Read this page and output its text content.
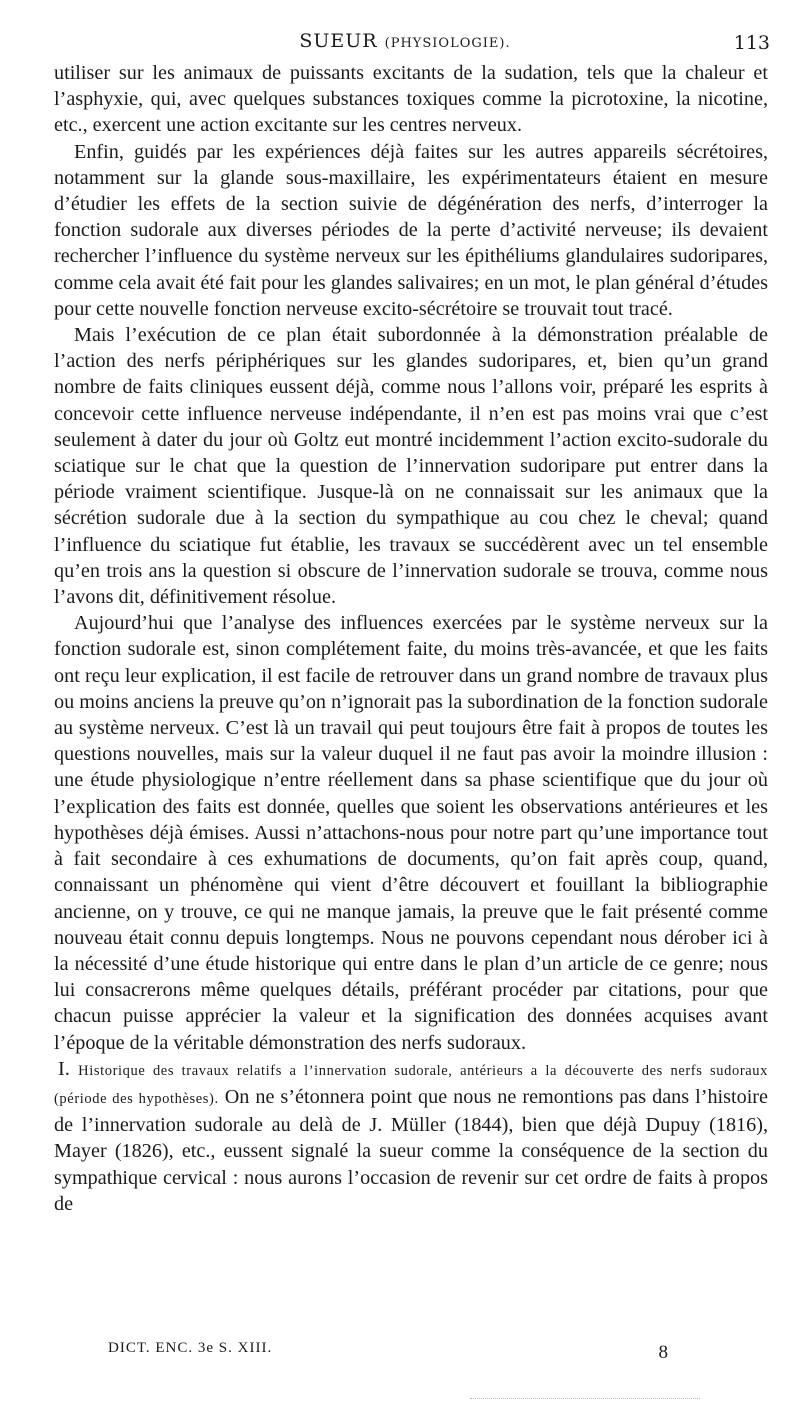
SUEUR (PHYSIOLOGIE).	113

utiliser sur les animaux de puissants excitants de la sudation, tels que la chaleur et l’asphyxie, qui, avec quelques substances toxiques comme la picrotoxine, la nicotine, etc., exercent une action excitante sur les centres nerveux.

Enfin, guidés par les expériences déjà faites sur les autres appareils sécrétoires, notamment sur la glande sous-maxillaire, les expérimentateurs étaient en mesure d’étudier les effets de la section suivie de dégénération des nerfs, d’interroger la fonction sudorale aux diverses périodes de la perte d’activité nerveuse; ils devaient rechercher l’influence du système nerveux sur les épithéliums glandulaires sudoripares, comme cela avait été fait pour les glandes salivaires; en un mot, le plan général d’études pour cette nouvelle fonction nerveuse excito-sécrétoire se trouvait tout tracé.

Mais l’exécution de ce plan était subordonnée à la démonstration préalable de l’action des nerfs périphériques sur les glandes sudoripares, et, bien qu’un grand nombre de faits cliniques eussent déjà, comme nous l’allons voir, préparé les esprits à concevoir cette influence nerveuse indépendante, il n’en est pas moins vrai que c’est seulement à dater du jour où Goltz eut montré incidemment l’action excito-sudorale du sciatique sur le chat que la question de l’innervation sudoripare put entrer dans la période vraiment scientifique. Jusque-là on ne connaissait sur les animaux que la sécrétion sudorale due à la section du sympathique au cou chez le cheval; quand l’influence du sciatique fut établie, les travaux se succédèrent avec un tel ensemble qu’en trois ans la question si obscure de l’innervation sudorale se trouva, comme nous l’avons dit, définitivement résolue.

Aujourd’hui que l’analyse des influences exercées par le système nerveux sur la fonction sudorale est, sinon complétement faite, du moins très-avancée, et que les faits ont reçu leur explication, il est facile de retrouver dans un grand nombre de travaux plus ou moins anciens la preuve qu’on n’ignorait pas la subordination de la fonction sudorale au système nerveux. C’est là un travail qui peut toujours être fait à propos de toutes les questions nouvelles, mais sur la valeur duquel il ne faut pas avoir la moindre illusion : une étude physiologique n’entre réellement dans sa phase scientifique que du jour où l’explication des faits est donnée, quelles que soient les observations antérieures et les hypothèses déjà émises. Aussi n’attachons-nous pour notre part qu’une importance tout à fait secondaire à ces exhumations de documents, qu’on fait après coup, quand, connaissant un phénomène qui vient d’être découvert et fouillant la bibliographie ancienne, on y trouve, ce qui ne manque jamais, la preuve que le fait présenté comme nouveau était connu depuis longtemps. Nous ne pouvons cependant nous dérober ici à la nécessité d’une étude historique qui entre dans le plan d’un article de ce genre; nous lui consacrerons même quelques détails, préférant procéder par citations, pour que chacun puisse apprécier la valeur et la signification des données acquises avant l’époque de la véritable démonstration des nerfs sudoraux.

I. Historique des travaux relatifs a l’innervation sudorale, antérieurs a la découverte des nerfs sudoraux (période des hypothèses). On ne s’étonnera point que nous ne remontions pas dans l’histoire de l’innervation sudorale au delà de J. Müller (1844), bien que déjà Dupuy (1816), Mayer (1826), etc., eussent signalé la sueur comme la conséquence de la section du sympathique cervical : nous aurons l’occasion de revenir sur cet ordre de faits à propos de

DICT. ENC. 3e S. XIII.	8
